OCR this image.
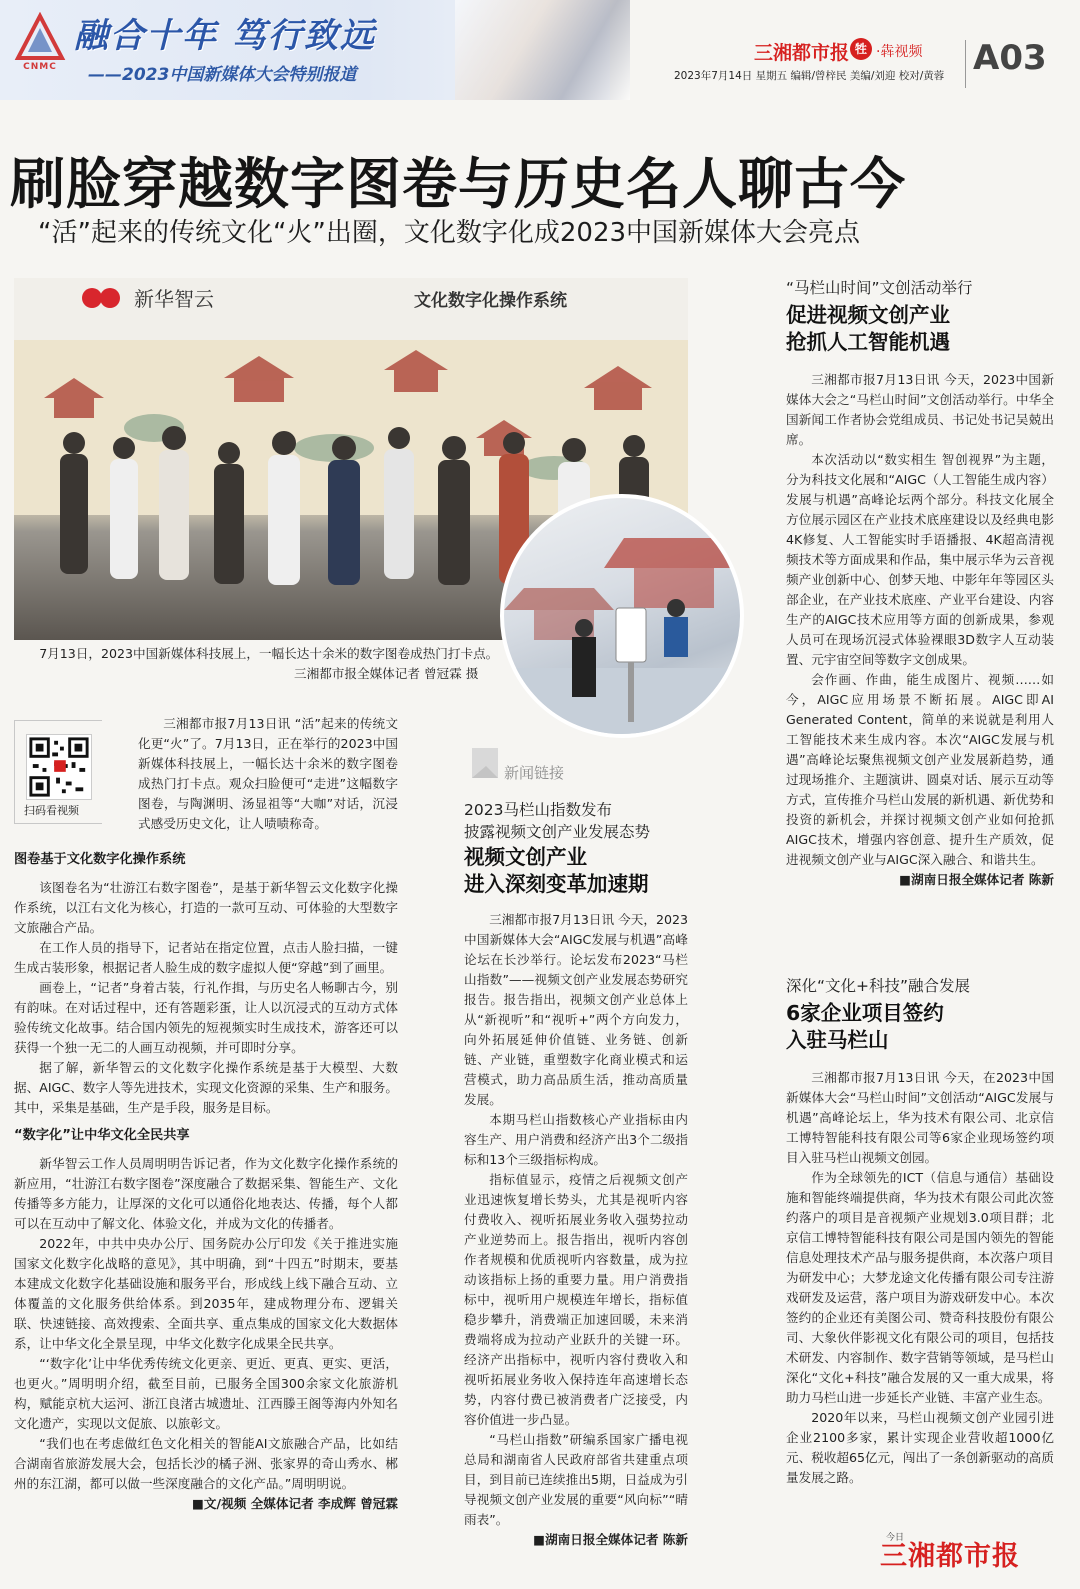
CNMC
融合十年 笃行致远
——2023中国新媒体大会特别报道
三湘都市报 牲 ·犇视频 A03
2023年7月14日 星期五 编辑/曾梓民 美编/刘迎 校对/黄蓉
刷脸穿越数字图卷与历史名人聊古今
“活”起来的传统文化“火”出圈，文化数字化成2023中国新媒体大会亮点
新华智云	文化数字化操作系统
7月13日，2023中国新媒体科技展上，一幅长达十余米的数字图卷成热门打卡点。
三湘都市报全媒体记者 曾冠霖 摄
扫码看视频

三湘都市报7月13日讯 “活”起来的传统文化更“火”了。7月13日，正在举行的2023中国新媒体科技展上，一幅长达十余米的数字图卷成热门打卡点。观众扫脸便可“走进”这幅数字图卷，与陶渊明、汤显祖等“大咖”对话，沉浸式感受历史文化，让人啧啧称奇。

图卷基于文化数字化操作系统

该图卷名为“壮游江右数字图卷”，是基于新华智云文化数字化操作系统，以江右文化为核心，打造的一款可互动、可体验的大型数字文旅融合产品。

在工作人员的指导下，记者站在指定位置，点击人脸扫描，一键生成古装形象，根据记者人脸生成的数字虚拟人便“穿越”到了画里。

画卷上，“记者”身着古装，行礼作揖，与历史名人畅聊古今，别有韵味。在对话过程中，还有答题彩蛋，让人以沉浸式的互动方式体验传统文化故事。结合国内领先的短视频实时生成技术，游客还可以获得一个独一无二的人画互动视频，并可即时分享。

据了解，新华智云的文化数字化操作系统是基于大模型、大数据、AIGC、数字人等先进技术，实现文化资源的采集、生产和服务。其中，采集是基础，生产是手段，服务是目标。

“数字化”让中华文化全民共享

新华智云工作人员周明明告诉记者，作为文化数字化操作系统的新应用，“壮游江右数字图卷”深度融合了数据采集、智能生产、文化传播等多方能力，让厚深的文化可以通俗化地表达、传播，每个人都可以在互动中了解文化、体验文化，并成为文化的传播者。

2022年，中共中央办公厅、国务院办公厅印发《关于推进实施国家文化数字化战略的意见》，其中明确，到“十四五”时期末，要基本建成文化数字化基础设施和服务平台，形成线上线下融合互动、立体覆盖的文化服务供给体系。到2035年，建成物理分布、逻辑关联、快速链接、高效搜索、全面共享、重点集成的国家文化大数据体系，让中华文化全景呈现，中华文化数字化成果全民共享。

“‘数字化’让中华优秀传统文化更亲、更近、更真、更实、更活，也更火。”周明明介绍，截至目前，已服务全国300余家文化旅游机构，赋能京杭大运河、浙江良渚古城遗址、江西滕王阁等海内外知名文化遗产，实现以文促旅、以旅彰文。

“我们也在考虑做红色文化相关的智能AI文旅融合产品，比如结合湖南省旅游发展大会，包括长沙的橘子洲、张家界的奇山秀水、郴州的东江湖，都可以做一些深度融合的文化产品。”周明明说。

■文/视频 全媒体记者 李成辉 曾冠霖

新闻链接
2023马栏山指数发布
披露视频文创产业发展态势
视频文创产业
进入深刻变革加速期

三湘都市报7月13日讯 今天，2023中国新媒体大会“AIGC发展与机遇”高峰论坛在长沙举行。论坛发布2023“马栏山指数”——视频文创产业发展态势研究报告。报告指出，视频文创产业总体上从“新视听”和“视听+”两个方向发力，向外拓展延伸价值链、业务链、创新链、产业链，重塑数字化商业模式和运营模式，助力高品质生活，推动高质量发展。

本期马栏山指数核心产业指标由内容生产、用户消费和经济产出3个二级指标和13个三级指标构成。

指标值显示，疫情之后视频文创产业迅速恢复增长势头，尤其是视听内容付费收入、视听拓展业务收入强势拉动产业逆势而上。报告指出，视听内容创作者规模和优质视听内容数量，成为拉动该指标上扬的重要力量。用户消费指标中，视听用户规模连年增长，指标值稳步攀升，消费端正加速回暖，未来消费端将成为拉动产业跃升的关键一环。经济产出指标中，视听内容付费收入和视听拓展业务收入保持连年高速增长态势，内容付费已被消费者广泛接受，内容价值进一步凸显。

“马栏山指数”研编系国家广播电视总局和湖南省人民政府部省共建重点项目，到目前已连续推出5期，日益成为引导视频文创产业发展的重要“风向标”“晴雨表”。

■湖南日报全媒体记者 陈新

“马栏山时间”文创活动举行
促进视频文创产业
抢抓人工智能机遇

三湘都市报7月13日讯 今天，2023中国新媒体大会之“马栏山时间”文创活动举行。中华全国新闻工作者协会党组成员、书记处书记吴兢出席。

本次活动以“数实相生 智创视界”为主题，分为科技文化展和“AIGC（人工智能生成内容）发展与机遇”高峰论坛两个部分。科技文化展全方位展示园区在产业技术底座建设以及经典电影4K修复、人工智能实时手语播报、4K超高清视频技术等方面成果和作品，集中展示华为云音视频产业创新中心、创梦天地、中影年年等园区头部企业，在产业技术底座、产业平台建设、内容生产的AIGC技术应用等方面的创新成果，参观人员可在现场沉浸式体验裸眼3D数字人互动装置、元宇宙空间等数字文创成果。

会作画、作曲，能生成图片、视频……如今，AIGC应用场景不断拓展。AIGC即AI Generated Content，简单的来说就是利用人工智能技术来生成内容。本次“AIGC发展与机遇”高峰论坛聚焦视频文创产业发展新趋势，通过现场推介、主题演讲、圆桌对话、展示互动等方式，宣传推介马栏山发展的新机遇、新优势和投资的新机会，并探讨视频文创产业如何抢抓AIGC技术，增强内容创意、提升生产质效，促进视频文创产业与AIGC深入融合、和谐共生。

■湖南日报全媒体记者 陈新

深化“文化+科技”融合发展
6家企业项目签约
入驻马栏山

三湘都市报7月13日讯 今天，在2023中国新媒体大会“马栏山时间”文创活动“AIGC发展与机遇”高峰论坛上，华为技术有限公司、北京信工博特智能科技有限公司等6家企业现场签约项目入驻马栏山视频文创园。

作为全球领先的ICT（信息与通信）基础设施和智能终端提供商，华为技术有限公司此次签约落户的项目是音视频产业规划3.0项目群；北京信工博特智能科技有限公司是国内领先的智能信息处理技术产品与服务提供商，本次落户项目为研发中心；大梦龙途文化传播有限公司专注游戏研发及运营，落户项目为游戏研发中心。本次签约的企业还有美图公司、赞奇科技股份有限公司、大象伙伴影视文化有限公司的项目，包括技术研发、内容制作、数字营销等领域，是马栏山深化“文化+科技”融合发展的又一重大成果，将助力马栏山进一步延长产业链、丰富产业生态。

2020年以来，马栏山视频文创产业园引进企业2100多家，累计实现企业营收超1000亿元、税收超65亿元，闯出了一条创新驱动的高质量发展之路。

今日
三湘都市报
